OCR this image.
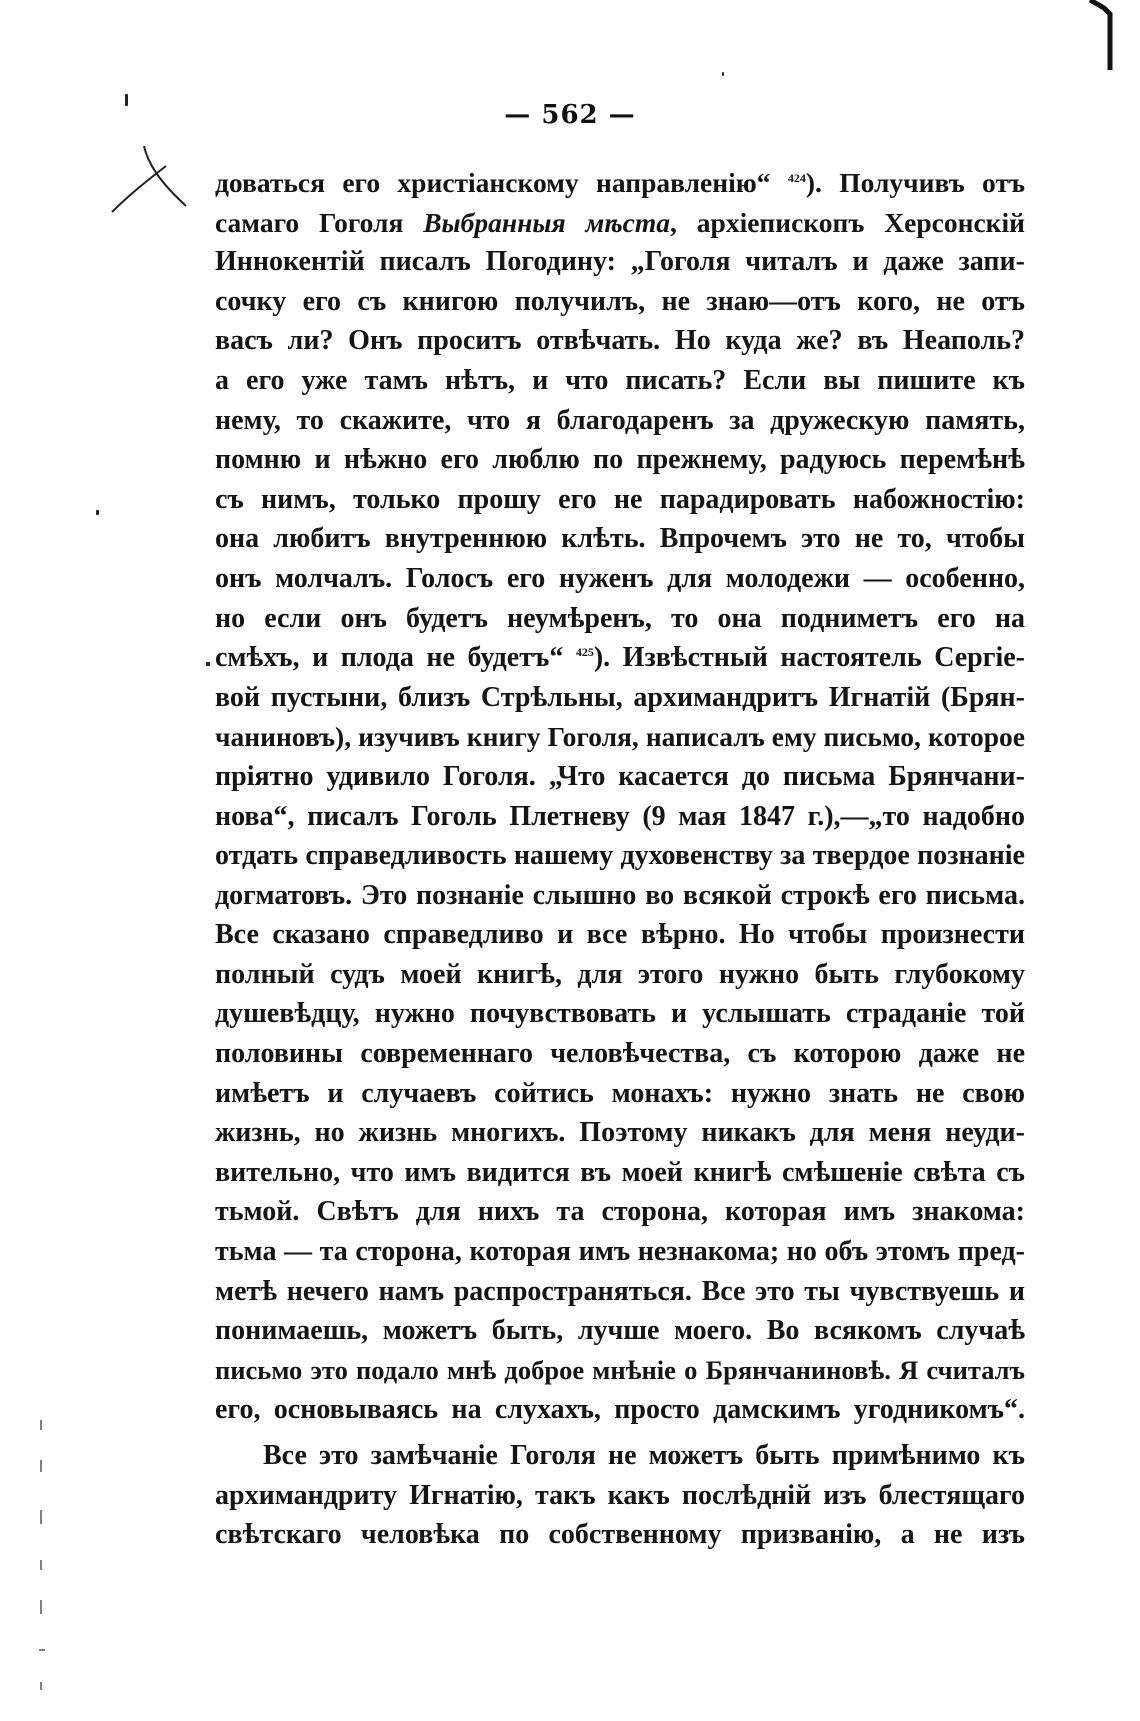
— 562 —
доваться его христіанскому направленію“ $^{424}$). Получивъ отъ
самаго Гоголя Выбранныя мѣста, архіепископъ Херсонскій
Иннокентій писалъ Погодину: „Гоголя читалъ и даже запи-
сочку его съ книгою получилъ, не знаю—отъ кого, не отъ
васъ ли? Онъ проситъ отвѣчать. Но куда же? въ Неаполь?
а его уже тамъ нѣтъ, и что писать? Если вы пишите къ
нему, то скажите, что я благодаренъ за дружескую память,
помню и нѣжно его люблю по прежнему, радуюсь перемѣнѣ
съ нимъ, только прошу его не парадировать набожностію:
она любитъ внутреннюю клѣть. Впрочемъ это не то, чтобы
онъ молчалъ. Голосъ его нуженъ для молодежи — особенно,
но если онъ будетъ неумѣренъ, то она подниметъ его на
смѣхъ, и плода не будетъ“ $^{425}$). Извѣстный настоятель Сергіе-
вой пустыни, близъ Стрѣльны, архимандритъ Игнатій (Брян-
чаниновъ), изучивъ книгу Гоголя, написалъ ему письмо, которое
пріятно удивило Гоголя. „Что касается до письма Брянчани-
нова“, писалъ Гоголь Плетневу (9 мая 1847 г.),—„то надобно
отдать справедливость нашему духовенству за твердое познаніе
догматовъ. Это познаніе слышно во всякой строкѣ его письма.
Все сказано справедливо и все вѣрно. Но чтобы произнести
полный судъ моей книгѣ, для этого нужно быть глубокому
душевѣдцу, нужно почувствовать и услышать страданіе той
половины современнаго человѣчества, съ которою даже не
имѣетъ и случаевъ сойтись монахъ: нужно знать не свою
жизнь, но жизнь многихъ. Поэтому никакъ для меня неуди-
вительно, что имъ видится въ моей книгѣ смѣшеніе свѣта съ
тьмой. Свѣтъ для нихъ та сторона, которая имъ знакома:
тьма — та сторона, которая имъ незнакома; но объ этомъ пред-
метѣ нечего намъ распространяться. Все это ты чувствуешь и
понимаешь, можетъ быть, лучше моего. Во всякомъ случаѣ
письмо это подало мнѣ доброе мнѣніе о Брянчаниновѣ. Я считалъ
его, основываясь на слухахъ, просто дамскимъ угодникомъ“.
Все это замѣчаніе Гоголя не можетъ быть примѣнимо къ
архимандриту Игнатію, такъ какъ послѣдній изъ блестящаго
свѣтскаго человѣка по собственному призванію, а не изъ
